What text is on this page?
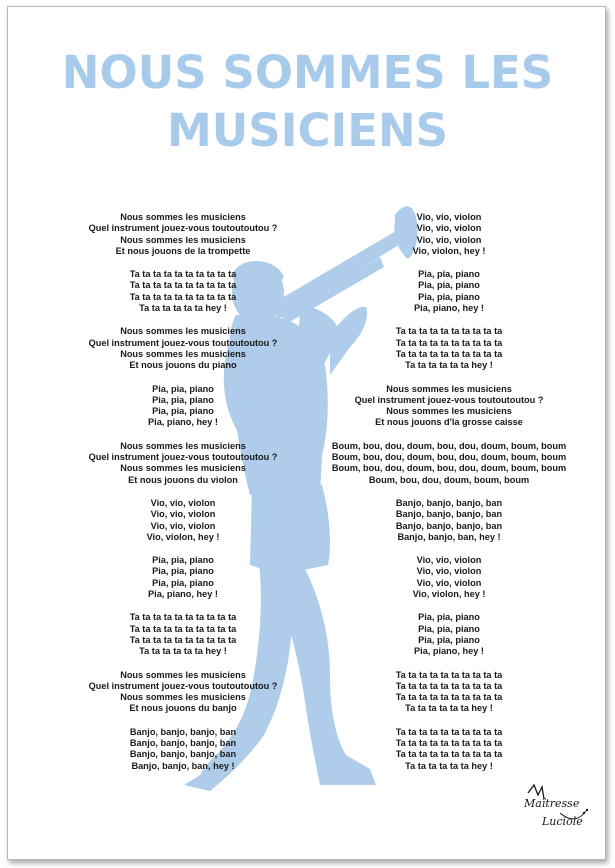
NOUS SOMMES LES
MUSICIENS
Nous sommes les musiciens
Quel instrument jouez-vous toutoutoutou ?
Nous sommes les musiciens
Et nous jouons de la trompette
Ta ta ta ta ta ta ta ta ta ta
Ta ta ta ta ta ta ta ta ta ta
Ta ta ta ta ta ta ta ta ta ta
Ta ta ta ta ta ta hey !
Nous sommes les musiciens
Quel instrument jouez-vous toutoutoutou ?
Nous sommes les musiciens
Et nous jouons du piano
Pia, pia, piano
Pia, pia, piano
Pia, pia, piano
Pia, piano, hey !
Nous sommes les musiciens
Quel instrument jouez-vous toutoutoutou ?
Nous sommes les musiciens
Et nous jouons du violon
Vio, vio, violon
Vio, vio, violon
Vio, vio, violon
Vio, violon, hey !
Pia, pia, piano
Pia, pia, piano
Pia, pia, piano
Pia, piano, hey !
Ta ta ta ta ta ta ta ta ta ta
Ta ta ta ta ta ta ta ta ta ta
Ta ta ta ta ta ta ta ta ta ta
Ta ta ta ta ta ta hey !
Nous sommes les musiciens
Quel instrument jouez-vous toutoutoutou ?
Nous sommes les musiciens
Et nous jouons du banjo
Banjo, banjo, banjo, ban
Banjo, banjo, banjo, ban
Banjo, banjo, banjo, ban
Banjo, banjo, ban, hey !
Vio, vio, violon
Vio, vio, violon
Vio, vio, violon
Vio, violon, hey !
Pia, pia, piano
Pia, pia, piano
Pia, pia, piano
Pia, piano, hey !
Ta ta ta ta ta ta ta ta ta ta
Ta ta ta ta ta ta ta ta ta ta
Ta ta ta ta ta ta ta ta ta ta
Ta ta ta ta ta ta hey !
Nous sommes les musiciens
Quel instrument jouez-vous toutoutoutou ?
Nous sommes les musiciens
Et nous jouons d'la grosse caisse
Boum, bou, dou, doum, bou, dou, doum, boum, boum
Boum, bou, dou, doum, bou, dou, doum, boum, boum
Boum, bou, dou, doum, bou, dou, doum, boum, boum
Boum, bou, dou, doum, boum, boum
Banjo, banjo, banjo, ban
Banjo, banjo, banjo, ban
Banjo, banjo, banjo, ban
Banjo, banjo, ban, hey !
Vio, vio, violon
Vio, vio, violon
Vio, vio, violon
Vio, violon, hey !
Pia, pia, piano
Pia, pia, piano
Pia, pia, piano
Pia, piano, hey !
Ta ta ta ta ta ta ta ta ta ta
Ta ta ta ta ta ta ta ta ta ta
Ta ta ta ta ta ta ta ta ta ta
Ta ta ta ta ta ta hey !
Ta ta ta ta ta ta ta ta ta ta
Ta ta ta ta ta ta ta ta ta ta
Ta ta ta ta ta ta ta ta ta ta
Ta ta ta ta ta ta hey !
Maîtresse
Luciole
